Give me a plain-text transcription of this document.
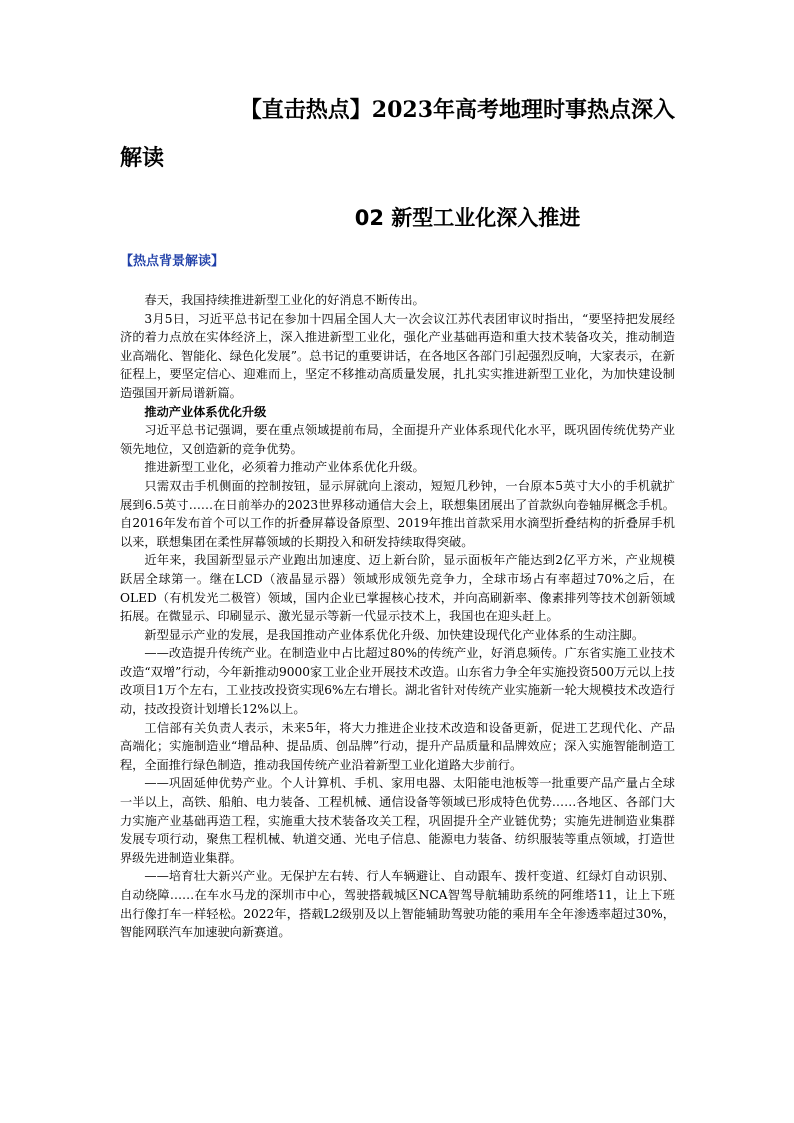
【直击热点】2023年高考地理时事热点深入
解读
02 新型工业化深入推进
【热点背景解读】

春天，我国持续推进新型工业化的好消息不断传出。

3月5日，习近平总书记在参加十四届全国人大一次会议江苏代表团审议时指出，“要坚持把发展经济的着力点放在实体经济上，深入推进新型工业化，强化产业基础再造和重大技术装备攻关，推动制造业高端化、智能化、绿色化发展”。总书记的重要讲话，在各地区各部门引起强烈反响，大家表示，在新征程上，要坚定信心、迎难而上，坚定不移推动高质量发展，扎扎实实推进新型工业化，为加快建设制造强国开新局谱新篇。

推动产业体系优化升级

习近平总书记强调，要在重点领域提前布局，全面提升产业体系现代化水平，既巩固传统优势产业领先地位，又创造新的竞争优势。

推进新型工业化，必须着力推动产业体系优化升级。

只需双击手机侧面的控制按钮，显示屏就向上滚动，短短几秒钟，一台原本5英寸大小的手机就扩展到6.5英寸……在日前举办的2023世界移动通信大会上，联想集团展出了首款纵向卷轴屏概念手机。自2016年发布首个可以工作的折叠屏幕设备原型、2019年推出首款采用水滴型折叠结构的折叠屏手机以来，联想集团在柔性屏幕领域的长期投入和研发持续取得突破。

近年来，我国新型显示产业跑出加速度、迈上新台阶，显示面板年产能达到2亿平方米，产业规模跃居全球第一。继在LCD（液晶显示器）领域形成领先竞争力，全球市场占有率超过70%之后，在OLED（有机发光二极管）领域，国内企业已掌握核心技术，并向高刷新率、像素排列等技术创新领域拓展。在微显示、印刷显示、激光显示等新一代显示技术上，我国也在迎头赶上。

新型显示产业的发展，是我国推动产业体系优化升级、加快建设现代化产业体系的生动注脚。

——改造提升传统产业。在制造业中占比超过80%的传统产业，好消息频传。广东省实施工业技术改造“双增”行动，今年新推动9000家工业企业开展技术改造。山东省力争全年实施投资500万元以上技改项目1万个左右，工业技改投资实现6%左右增长。湖北省针对传统产业实施新一轮大规模技术改造行动，技改投资计划增长12%以上。

工信部有关负责人表示，未来5年，将大力推进企业技术改造和设备更新，促进工艺现代化、产品高端化；实施制造业“增品种、提品质、创品牌”行动，提升产品质量和品牌效应；深入实施智能制造工程，全面推行绿色制造，推动我国传统产业沿着新型工业化道路大步前行。

——巩固延伸优势产业。个人计算机、手机、家用电器、太阳能电池板等一批重要产品产量占全球一半以上，高铁、船舶、电力装备、工程机械、通信设备等领域已形成特色优势……各地区、各部门大力实施产业基础再造工程，实施重大技术装备攻关工程，巩固提升全产业链优势；实施先进制造业集群发展专项行动，聚焦工程机械、轨道交通、光电子信息、能源电力装备、纺织服装等重点领域，打造世界级先进制造业集群。

——培育壮大新兴产业。无保护左右转、行人车辆避让、自动跟车、拨杆变道、红绿灯自动识别、自动绕障……在车水马龙的深圳市中心，驾驶搭载城区NCA智驾导航辅助系统的阿维塔11，让上下班出行像打车一样轻松。2022年，搭载L2级别及以上智能辅助驾驶功能的乘用车全年渗透率超过30%，智能网联汽车加速驶向新赛道。
